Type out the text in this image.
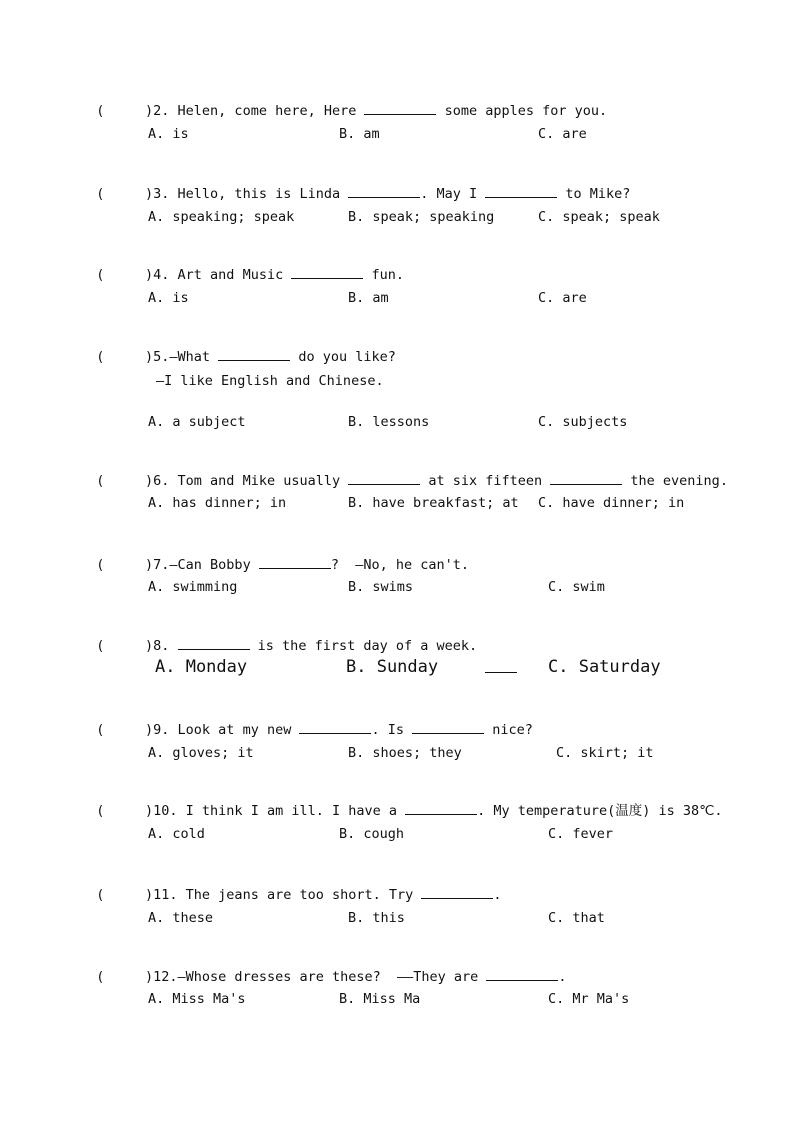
(     )2. Helen, come here, Here	some apples for you.

A. is	B. am	C. are

(     )3. Hello, this is Linda	. May I	to Mike?

A. speaking; speak	B. speak; speaking	C. speak; speak

(     )4. Art and Music	fun.

A. is	B. am	C. are

(     )5.—What	do you like?

—I like English and Chinese.
A. a subject	B. lessons	C. subjects

(     )6. Tom and Mike usually	at six fifteen	the evening.

A. has dinner; in	B. have breakfast; at C. have dinner; in

(     )7.—Can Bobby	?  —No, he can't.

A. swimming	B. swims	C. swim

(     )8.	is the first day of a week.

A. Monday	B. Sunday	C. Saturday

(     )9. Look at my new	. Is	nice?

A. gloves; it	B. shoes; they	C. skirt; it

(     )10. I think I am ill. I have a	. My temperature(温度) is 38℃.

A. cold	B. cough	C. fever

(     )11. The jeans are too short. Try	.

A. these	B. this	C. that

(     )12.—Whose dresses are these?  ——They are	.

A. Miss Ma's	B. Miss Ma	C. Mr Ma's
